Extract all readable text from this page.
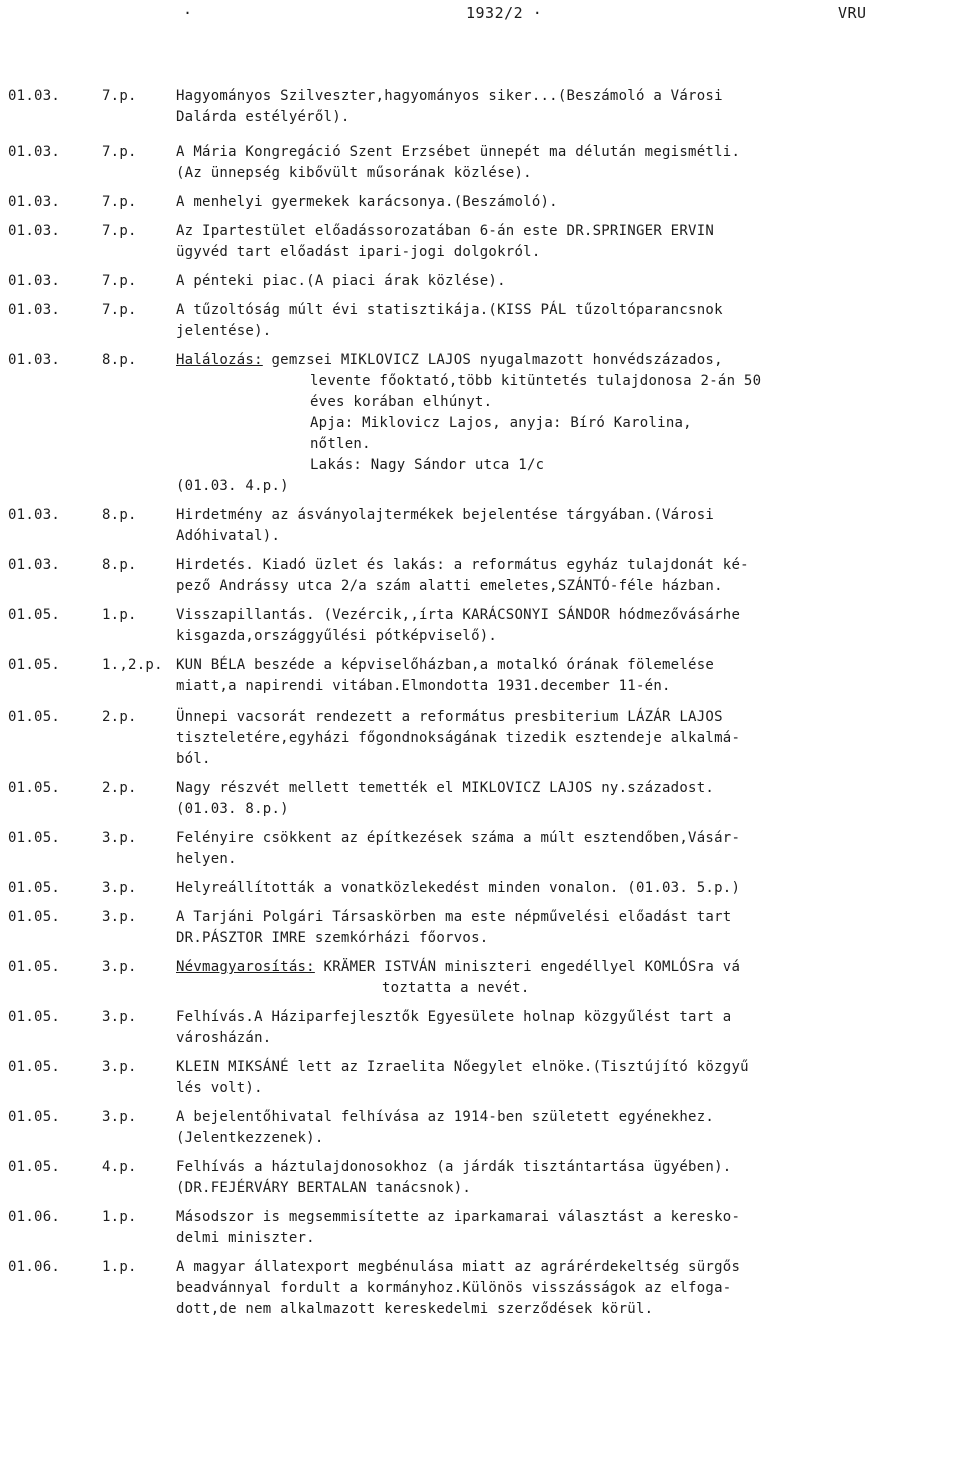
·	1932/2 ·	VRU
01.03.	7.p.	Hagyományos Szilveszter,hagyományos siker...(Beszámoló a Városi
Dalárda estélyéről).
01.03.	7.p.	A Mária Kongregáció Szent Erzsébet ünnepét ma délután megismétli.
(Az ünnepség kibővült műsorának közlése).
01.03.	7.p.	A menhelyi gyermekek karácsonya.(Beszámoló).
01.03.	7.p.	Az Ipartestület előadássorozatában 6-án este DR.SPRINGER ERVIN
ügyvéd tart előadást ipari-jogi dolgokról.
01.03.	7.p.	A pénteki piac.(A piaci árak közlése).
01.03.	7.p.	A tűzoltóság múlt évi statisztikája.(KISS PÁL tűzoltóparancsnok
jelentése).
01.03.	8.p.	Halálozás: gemzsei MIKLOVICZ LAJOS nyugalmazott honvédszázados,
levente főoktató,több kitüntetés tulajdonosa 2-án 50
éves korában elhúnyt.
Apja: Miklovicz Lajos, anyja: Bíró Karolina,
nőtlen.
Lakás: Nagy Sándor utca 1/c
(01.03. 4.p.)
01.03.	8.p.	Hirdetmény az ásványolajtermékek bejelentése tárgyában.(Városi
Adóhivatal).
01.03.	8.p.	Hirdetés. Kiadó üzlet és lakás: a református egyház tulajdonát ké-
pező Andrássy utca 2/a szám alatti emeletes,SZÁNTÓ-féle házban.
01.05.	1.p.	Visszapillantás. (Vezércik,,írta KARÁCSONYI SÁNDOR hódmezővásárhe
kisgazda,országgyűlési pótképviselő).
01.05.	1.,2.p. KUN BÉLA beszéde a képviselőházban,a motalkó órának fölemelése
miatt,a napirendi vitában.Elmondotta 1931.december 11-én.
01.05.	2.p.	Ünnepi vacsorát rendezett a református presbiterium LÁZÁR LAJOS
tiszteletére,egyházi főgondnokságának tizedik esztendeje alkalmá-
ból.
01.05.	2.p.	Nagy részvét mellett temették el MIKLOVICZ LAJOS ny.századost.
(01.03. 8.p.)
01.05.	3.p.	Felényire csökkent az építkezések száma a múlt esztendőben,Vásár-
helyen.
01.05.	3.p.	Helyreállították a vonatközlekedést minden vonalon. (01.03. 5.p.)
01.05.	3.p.	A Tarjáni Polgári Társaskörben ma este népművelési előadást tart
DR.PÁSZTOR IMRE szemkórházi főorvos.
01.05.	3.p.	Névmagyarosítás: KRÄMER ISTVÁN miniszteri engedéllyel KOMLÓSra vá
toztatta a nevét.
01.05.	3.p.	Felhívás.A Háziparfejlesztők Egyesülete holnap közgyűlést tart a
városházán.
01.05.	3.p.	KLEIN MIKSÁNÉ lett az Izraelita Nőegylet elnöke.(Tisztújító közgyű
lés volt).
01.05.	3.p.	A bejelentőhivatal felhívása az 1914-ben született egyénekhez.
(Jelentkezzenek).
01.05.	4.p.	Felhívás a háztulajdonosokhoz (a járdák tisztántartása ügyében).
(DR.FEJÉRVÁRY BERTALAN tanácsnok).
01.06.	1.p.	Másodszor is megsemmisítette az iparkamarai választást a keresko-
delmi miniszter.
01.06.	1.p.	A magyar állatexport megbénulása miatt az agrárérdekeltség sürgős
beadvánnyal fordult a kormányhoz.Különös visszásságok az elfoga-
dott,de nem alkalmazott kereskedelmi szerződések körül.
